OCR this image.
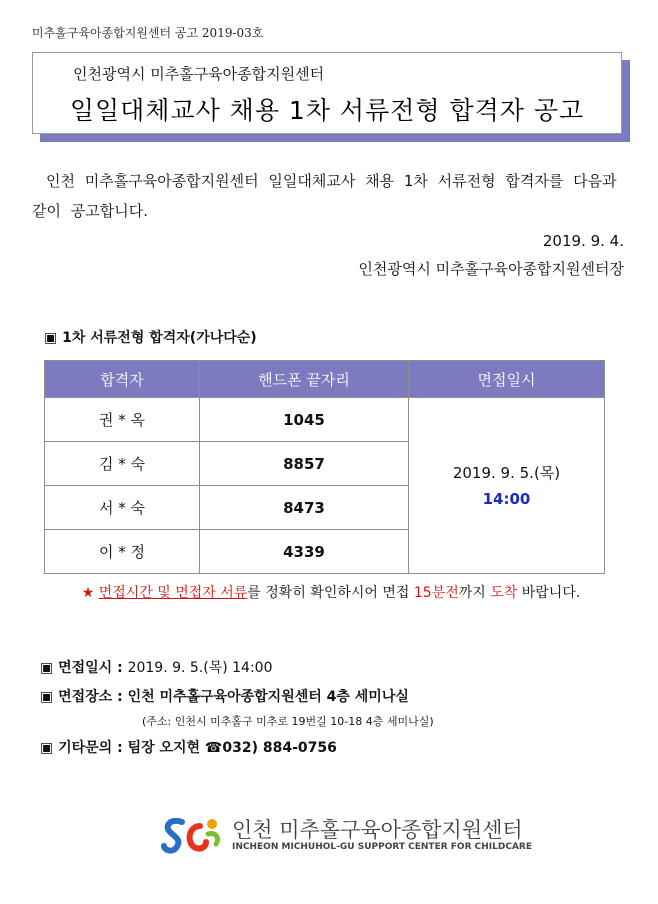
미추홀구육아종합지원센터 공고 2019-03호
인천광역시 미추홀구육아종합지원센터
일일대체교사 채용 1차 서류전형 합격자 공고
인천 미추홀구육아종합지원센터 일일대체교사 채용 1차 서류전형 합격자를 다음과 같이 공고합니다.
2019. 9. 4.
인천광역시 미추홀구육아종합지원센터장
▣ 1차 서류전형 합격자(가나다순)
합격자	핸드폰 끝자리	면접일시
권 * 옥	1045	2019. 9. 5.(목)
14:00

김 * 숙	8857	
서 * 숙	8473	
이 * 정	4339	
★ 면접시간 및 면접자 서류를 정확히 확인하시어 면접 15분전까지 도착 바랍니다.
▣ 면접일시 : 2019. 9. 5.(목) 14:00
▣ 면접장소 : 인천 미추홀구육아종합지원센터 4층 세미나실
(주소: 인천시 미추홀구 미추로 19번길 10-18 4층 세미나실)
▣ 기타문의 : 팀장 오지현 ☎032) 884-0756
인천 미추홀구육아종합지원센터
INCHEON MICHUHOL-GU SUPPORT CENTER FOR CHILDCARE
